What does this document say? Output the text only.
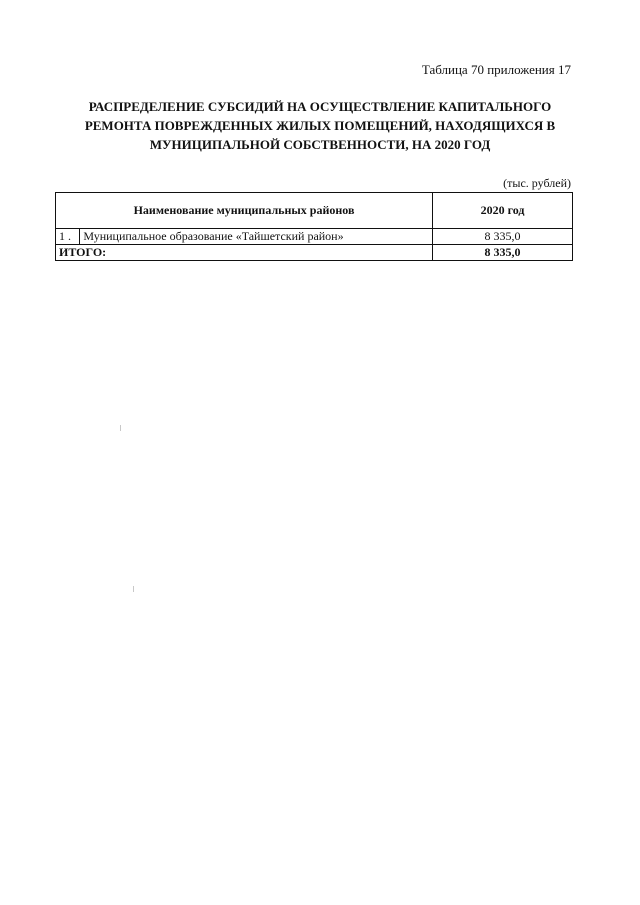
Таблица 70 приложения 17
РАСПРЕДЕЛЕНИЕ СУБСИДИЙ НА ОСУЩЕСТВЛЕНИЕ КАПИТАЛЬНОГО
РЕМОНТА ПОВРЕЖДЕННЫХ ЖИЛЫХ ПОМЕЩЕНИЙ, НАХОДЯЩИХСЯ В
МУНИЦИПАЛЬНОЙ СОБСТВЕННОСТИ, НА 2020 ГОД
(тыс. рублей)
Наименование муниципальных районов		2020 год
1 .	Муниципальное образование «Тайшетский район»	8 335,0
ИТОГО:		8 335,0
